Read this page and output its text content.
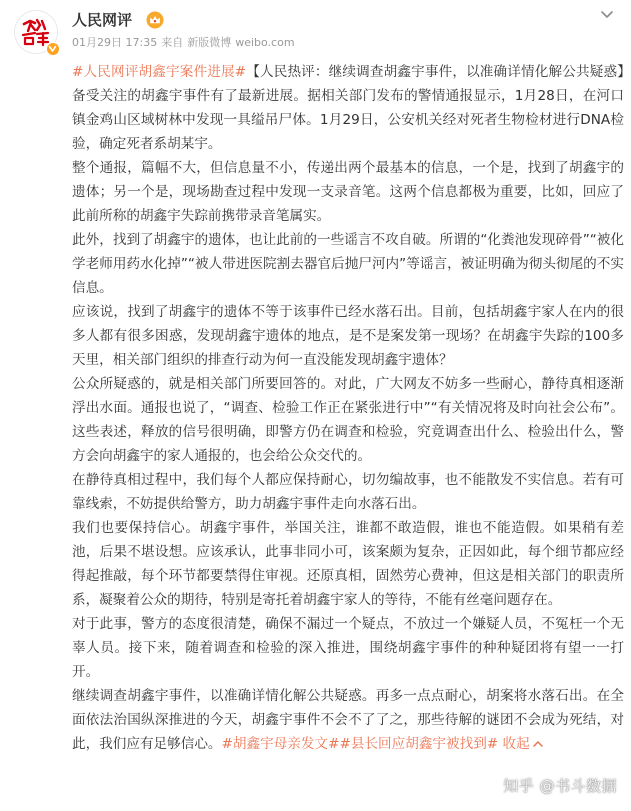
人民网评
01月29日 17:35 来自 新版微博 weibo.com

#人民网评胡鑫宇案件进展#【人民热评：继续调查胡鑫宇事件，以准确详情化解公共疑惑】备受关注的胡鑫宇事件有了最新进展。据相关部门发布的警情通报显示，1月28日，在河口镇金鸡山区域树林中发现一具缢吊尸体。1月29日，公安机关经对死者生物检材进行DNA检验，确定死者系胡某宇。

整个通报，篇幅不大，但信息量不小，传递出两个最基本的信息，一个是，找到了胡鑫宇的遗体；另一个是，现场勘查过程中发现一支录音笔。这两个信息都极为重要，比如，回应了此前所称的胡鑫宇失踪前携带录音笔属实。

此外，找到了胡鑫宇的遗体，也让此前的一些谣言不攻自破。所谓的“化粪池发现碎骨”“被化学老师用药水化掉”“被人带进医院割去器官后抛尸河内”等谣言，被证明确为彻头彻尾的不实信息。

应该说，找到了胡鑫宇的遗体不等于该事件已经水落石出。目前，包括胡鑫宇家人在内的很多人都有很多困惑，发现胡鑫宇遗体的地点，是不是案发第一现场？在胡鑫宇失踪的100多天里，相关部门组织的排查行动为何一直没能发现胡鑫宇遗体？

公众所疑惑的，就是相关部门所要回答的。对此，广大网友不妨多一些耐心，静待真相逐渐浮出水面。通报也说了，“调查、检验工作正在紧张进行中”“有关情况将及时向社会公布”。这些表述，释放的信号很明确，即警方仍在调查和检验，究竟调查出什么、检验出什么，警方会向胡鑫宇的家人通报的，也会给公众交代的。

在静待真相过程中，我们每个人都应保持耐心，切勿编故事，也不能散发不实信息。若有可靠线索，不妨提供给警方，助力胡鑫宇事件走向水落石出。

我们也要保持信心。胡鑫宇事件，举国关注，谁都不敢造假，谁也不能造假。如果稍有差池，后果不堪设想。应该承认，此事非同小可，该案颇为复杂，正因如此，每个细节都应经得起推敲，每个环节都要禁得住审视。还原真相，固然劳心费神，但这是相关部门的职责所系，凝聚着公众的期待，特别是寄托着胡鑫宇家人的等待，不能有丝毫问题存在。

对于此事，警方的态度很清楚，确保不漏过一个疑点，不放过一个嫌疑人员，不冤枉一个无辜人员。接下来，随着调查和检验的深入推进，围绕胡鑫宇事件的种种疑团将有望一一打开。

继续调查胡鑫宇事件，以准确详情化解公共疑惑。再多一点点耐心，胡案将水落石出。在全面依法治国纵深推进的今天，胡鑫宇事件不会不了了之，那些待解的谜团不会成为死结，对此，我们应有足够信心。#胡鑫宇母亲发文##县长回应胡鑫宇被找到# 收起

知乎 @书斗数据
